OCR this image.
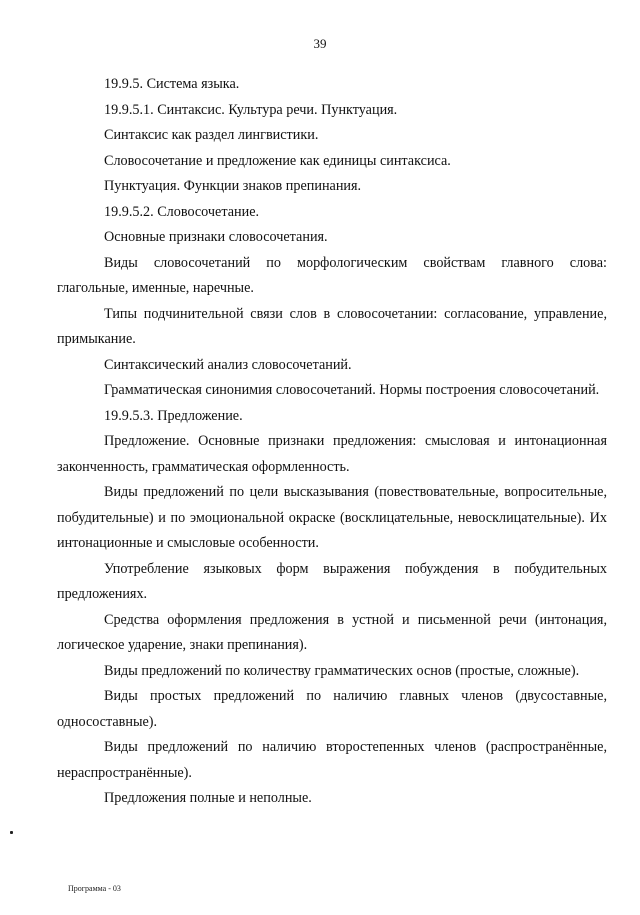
39

19.9.5. Система языка.

19.9.5.1. Синтаксис. Культура речи. Пунктуация.

Синтаксис как раздел лингвистики.

Словосочетание и предложение как единицы синтаксиса.

Пунктуация. Функции знаков препинания.

19.9.5.2. Словосочетание.

Основные признаки словосочетания.

Виды словосочетаний по морфологическим свойствам главного слова: глагольные, именные, наречные.

Типы подчинительной связи слов в словосочетании: согласование, управление, примыкание.

Синтаксический анализ словосочетаний.

Грамматическая синонимия словосочетаний. Нормы построения словосочетаний.

19.9.5.3. Предложение.

Предложение. Основные признаки предложения: смысловая и интонационная законченность, грамматическая оформленность.

Виды предложений по цели высказывания (повествовательные, вопросительные, побудительные) и по эмоциональной окраске (восклицательные, невосклицательные). Их интонационные и смысловые особенности.

Употребление языковых форм выражения побуждения в побудительных предложениях.

Средства оформления предложения в устной и письменной речи (интонация, логическое ударение, знаки препинания).

Виды предложений по количеству грамматических основ (простые, сложные).

Виды простых предложений по наличию главных членов (двусоставные, односоставные).

Виды предложений по наличию второстепенных членов (распространённые, нераспространённые).

Предложения полные и неполные.

Программа - 03
